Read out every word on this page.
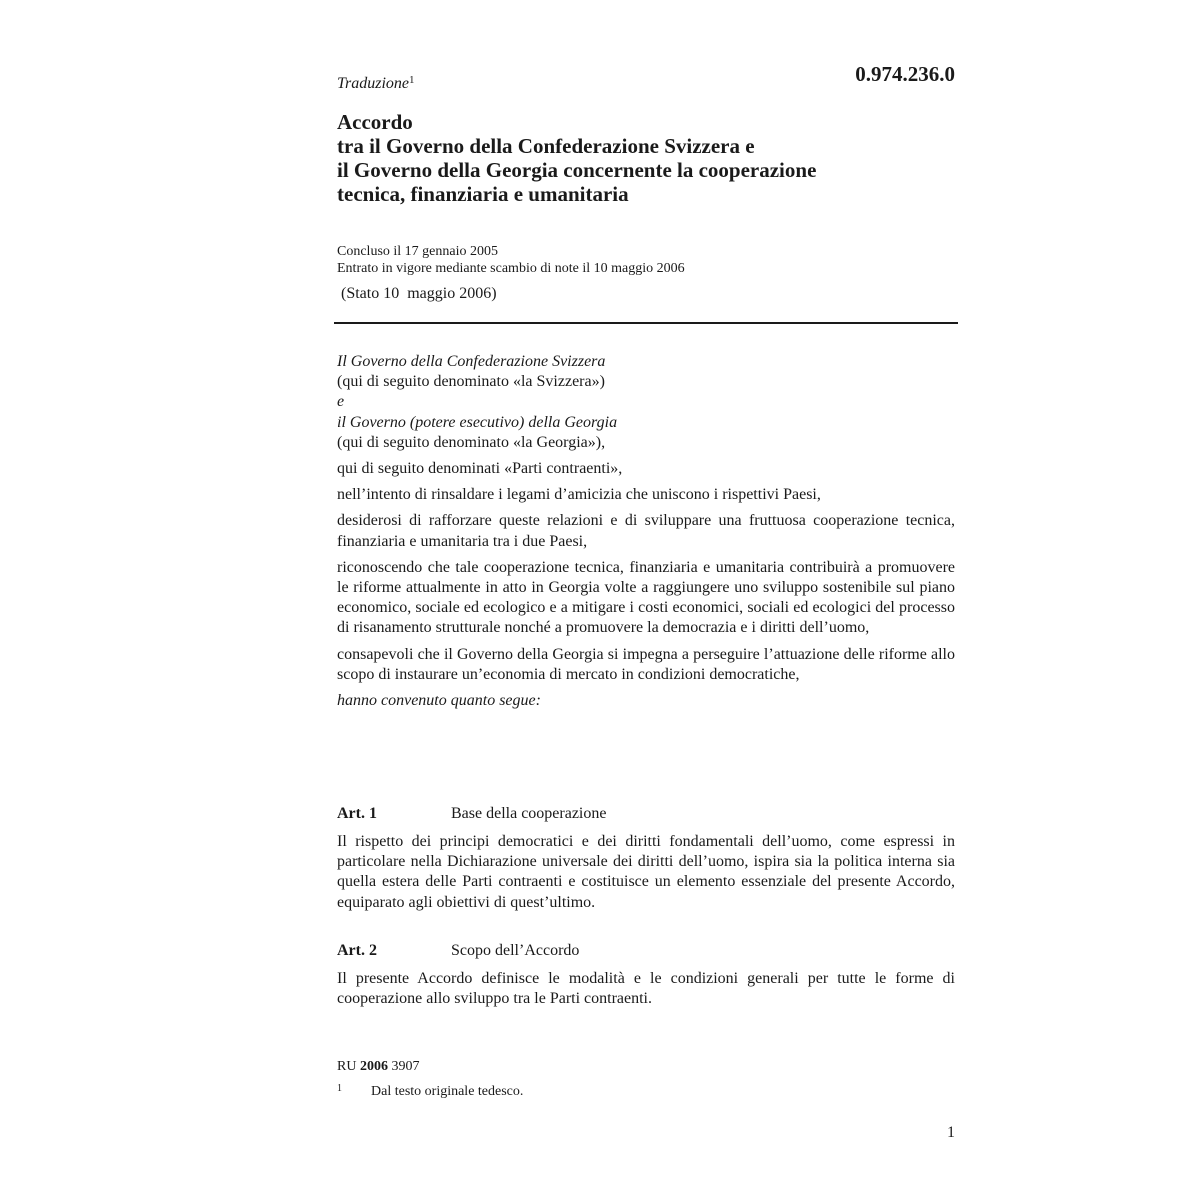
0.974.236.0
Traduzione$^1$
Accordo
tra il Governo della Confederazione Svizzera e
il Governo della Georgia concernente la cooperazione
tecnica, finanziaria e umanitaria
Concluso il 17 gennaio 2005
Entrato in vigore mediante scambio di note il 10 maggio 2006
(Stato 10  maggio 2006)

Il Governo della Confederazione Svizzera

(qui di seguito denominato «la Svizzera»)

e

il Governo (potere esecutivo) della Georgia

(qui di seguito denominato «la Georgia»),

qui di seguito denominati «Parti contraenti»,

nell’intento di rinsaldare i legami d’amicizia che uniscono i rispettivi Paesi,

desiderosi di rafforzare queste relazioni e di sviluppare una fruttuosa cooperazione tecnica, finanziaria e umanitaria tra i due Paesi,

riconoscendo che tale cooperazione tecnica, finanziaria e umanitaria contribuirà a promuovere le riforme attualmente in atto in Georgia volte a raggiungere uno sviluppo sostenibile sul piano economico, sociale ed ecologico e a mitigare i costi economici, sociali ed ecologici del processo di risanamento strutturale nonché a promuovere la democrazia e i diritti dell’uomo,

consapevoli che il Governo della Georgia si impegna a perseguire l’attuazione delle riforme allo scopo di instaurare un’economia di mercato in condizioni democratiche,

hanno convenuto quanto segue:

Art. 1	Base della cooperazione

Il rispetto dei principi democratici e dei diritti fondamentali dell’uomo, come espressi in particolare nella Dichiarazione universale dei diritti dell’uomo, ispira sia la politica interna sia quella estera delle Parti contraenti e costituisce un elemento essenziale del presente Accordo, equiparato agli obiettivi di quest’ultimo.

Art. 2	Scopo dell’Accordo

Il presente Accordo definisce le modalità e le condizioni generali per tutte le forme di cooperazione allo sviluppo tra le Parti contraenti.

RU 2006 3907
1 Dal testo originale tedesco.
1
